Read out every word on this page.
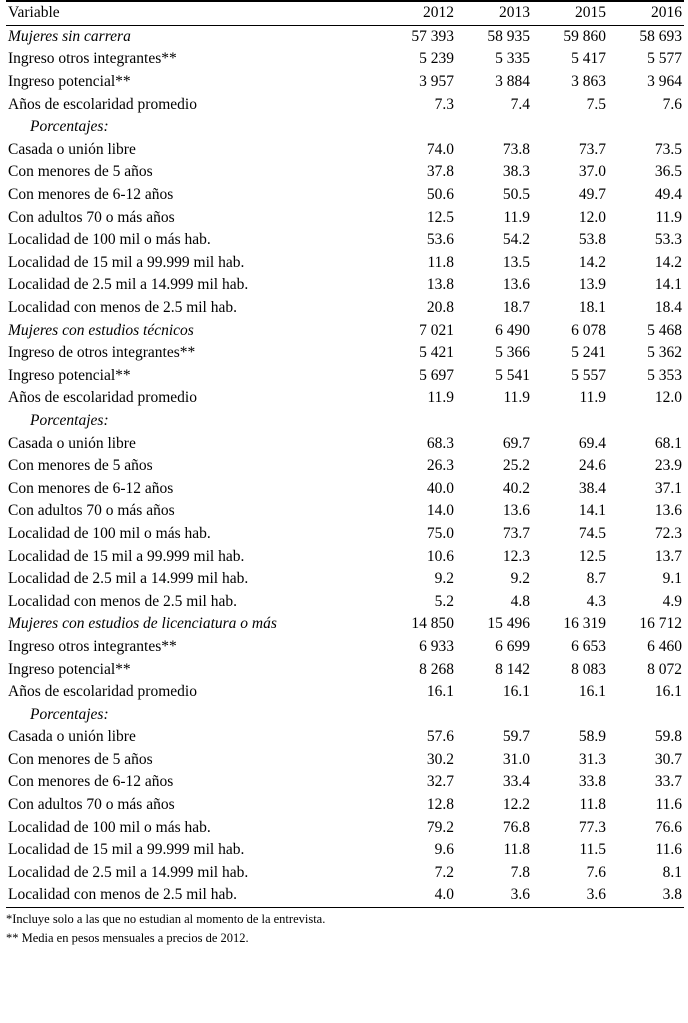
Variable	2012	2013	2015	2016
Mujeres sin carrera	57 393	58 935	59 860	58 693
Ingreso otros integrantes**	5 239	5 335	5 417	5 577
Ingreso potencial**	3 957	3 884	3 863	3 964
Años de escolaridad promedio	7.3	7.4	7.5	7.6
Porcentajes:				
Casada o unión libre	74.0	73.8	73.7	73.5
Con menores de 5 años	37.8	38.3	37.0	36.5
Con menores de 6-12 años	50.6	50.5	49.7	49.4
Con adultos 70 o más años	12.5	11.9	12.0	11.9
Localidad de 100 mil o más hab.	53.6	54.2	53.8	53.3
Localidad de 15 mil a 99.999 mil hab.	11.8	13.5	14.2	14.2
Localidad de 2.5 mil a 14.999 mil hab.	13.8	13.6	13.9	14.1
Localidad con menos de 2.5 mil hab.	20.8	18.7	18.1	18.4
Mujeres con estudios técnicos	7 021	6 490	6 078	5 468
Ingreso de otros integrantes**	5 421	5 366	5 241	5 362
Ingreso potencial**	5 697	5 541	5 557	5 353
Años de escolaridad promedio	11.9	11.9	11.9	12.0
Porcentajes:				
Casada o unión libre	68.3	69.7	69.4	68.1
Con menores de 5 años	26.3	25.2	24.6	23.9
Con menores de 6-12 años	40.0	40.2	38.4	37.1
Con adultos 70 o más años	14.0	13.6	14.1	13.6
Localidad de 100 mil o más hab.	75.0	73.7	74.5	72.3
Localidad de 15 mil a 99.999 mil hab.	10.6	12.3	12.5	13.7
Localidad de 2.5 mil a 14.999 mil hab.	9.2	9.2	8.7	9.1
Localidad con menos de 2.5 mil hab.	5.2	4.8	4.3	4.9
Mujeres con estudios de licenciatura o más	14 850	15 496	16 319	16 712
Ingreso otros integrantes**	6 933	6 699	6 653	6 460
Ingreso potencial**	8 268	8 142	8 083	8 072
Años de escolaridad promedio	16.1	16.1	16.1	16.1
Porcentajes:				
Casada o unión libre	57.6	59.7	58.9	59.8
Con menores de 5 años	30.2	31.0	31.3	30.7
Con menores de 6-12 años	32.7	33.4	33.8	33.7
Con adultos 70 o más años	12.8	12.2	11.8	11.6
Localidad de 100 mil o más hab.	79.2	76.8	77.3	76.6
Localidad de 15 mil a 99.999 mil hab.	9.6	11.8	11.5	11.6
Localidad de 2.5 mil a 14.999 mil hab.	7.2	7.8	7.6	8.1
Localidad con menos de 2.5 mil hab.	4.0	3.6	3.6	3.8
*Incluye solo a las que no estudian al momento de la entrevista.
** Media en pesos mensuales a precios de 2012.
